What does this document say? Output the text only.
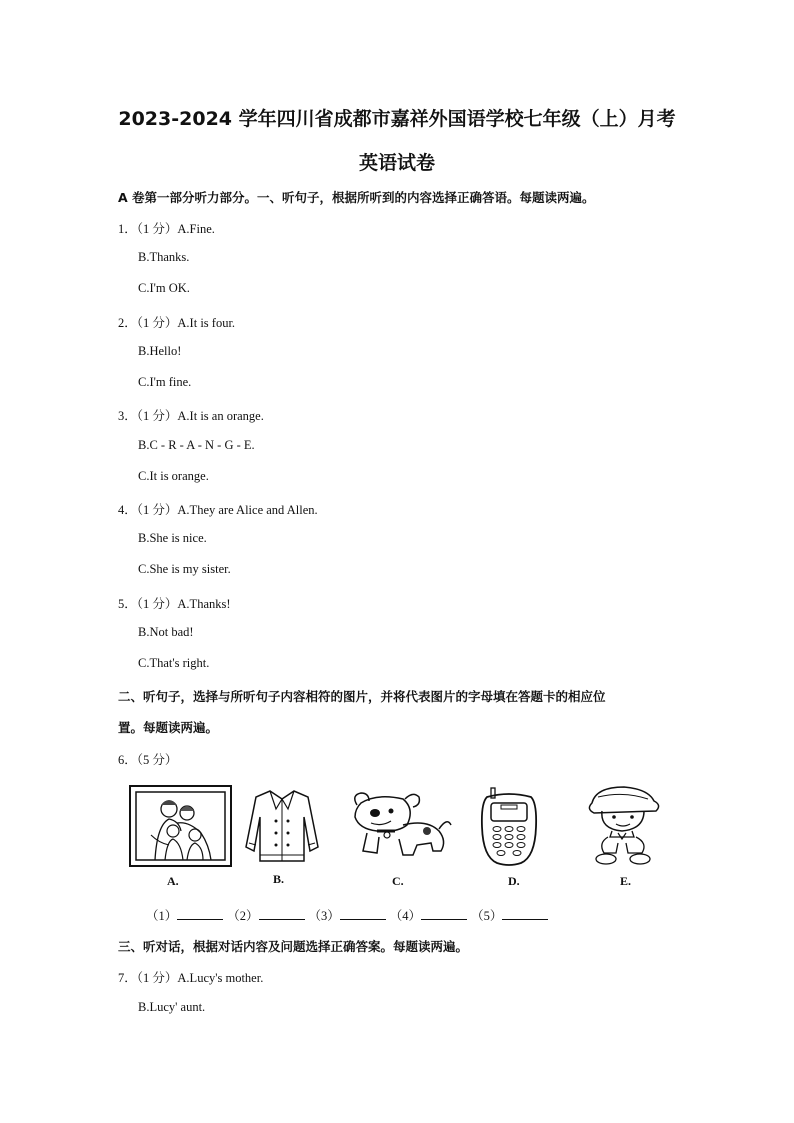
2023-2024 学年四川省成都市嘉祥外国语学校七年级（上）月考
英语试卷
A 卷第一部分听力部分。一、听句子，根据所听到的内容选择正确答语。每题读两遍。
1．（1 分）A.Fine.
B.Thanks.
C.I'm OK.
2．（1 分）A.It is four.
B.Hello!
C.I'm fine.
3．（1 分）A.It is an orange.
B.C - R - A - N - G - E.
C.It is orange.
4．（1 分）A.They are Alice and Allen.
B.She is nice.
C.She is my sister.
5．（1 分）A.Thanks!
B.Not bad!
C.That's right.
二、听句子，选择与所听句子内容相符的图片，并将代表图片的字母填在答题卡的相应位
置。每题读两遍。
6．（5 分）
A.	B.	C.	D.	E.
（1）	（2）	（3）	（4）	（5）
三、听对话，根据对话内容及问题选择正确答案。每题读两遍。
7．（1 分）A.Lucy's mother.
B.Lucy' aunt.
